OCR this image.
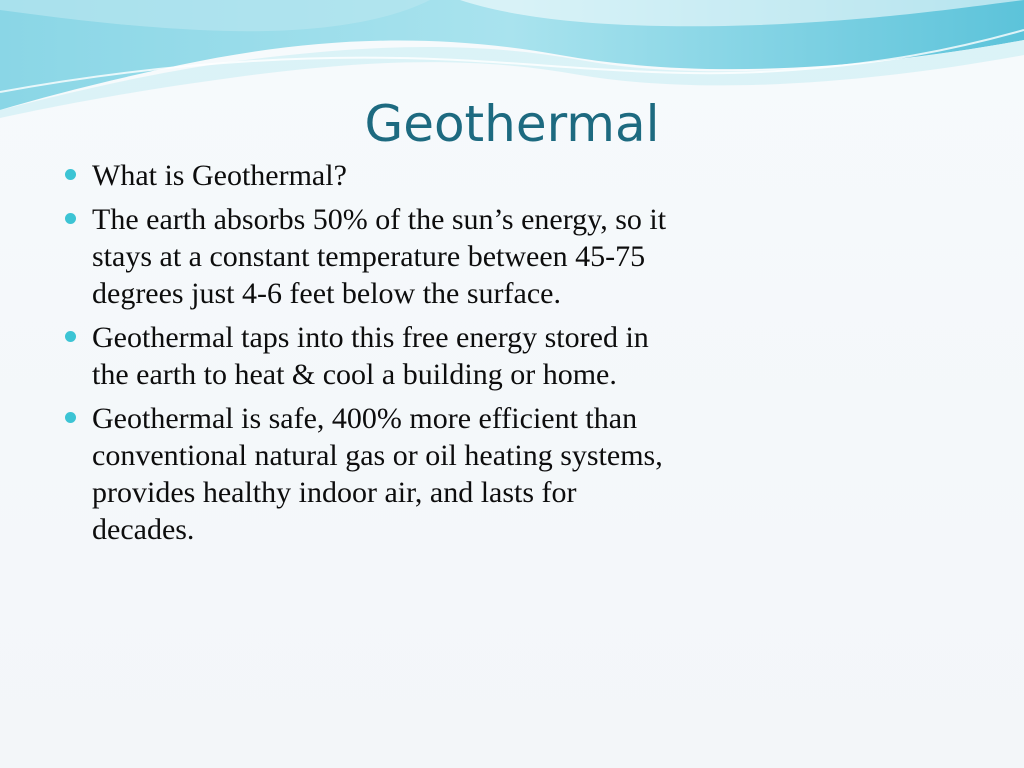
Geothermal
What is Geothermal?
The earth absorbs 50% of the sun’s energy, so it stays at a constant temperature between 45-75 degrees just 4-6 feet below the surface.
Geothermal taps into this free energy stored in the earth to heat & cool a building or home.
Geothermal is safe, 400% more efficient than conventional natural gas or oil heating systems, provides healthy indoor air, and lasts for decades.
